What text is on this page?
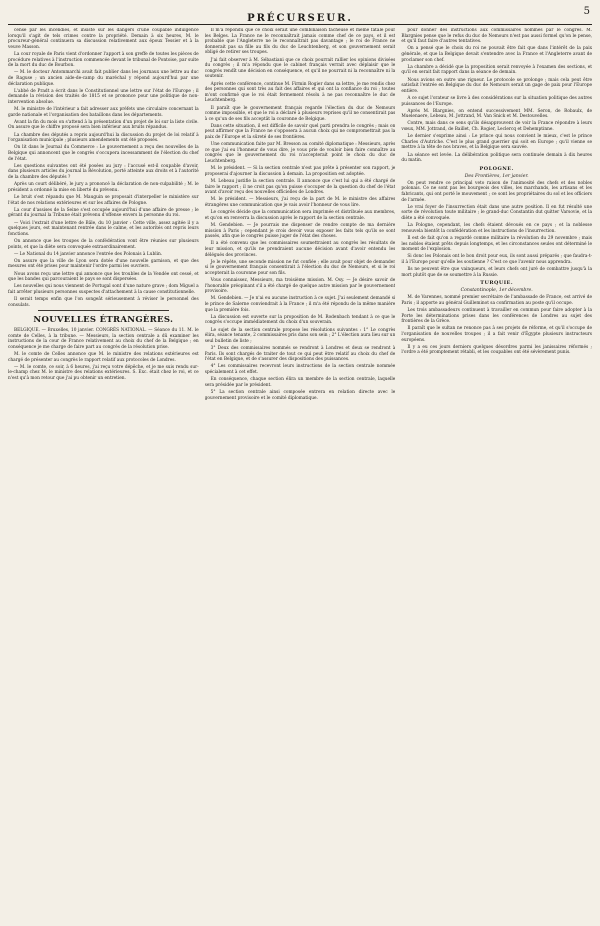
PRÉCURSEUR.
5

censé par les incendies, et insiste sur les dangers d'une coupable indulgence lorsqu'il s'agit de tels crimes contre la propriété. Demain à six heures, M. le procureur-général continuera sa discussion relativement aux époux Tessier et à la veuve Masson.

La cour royale de Paris vient d'ordonner l'apport à son greffe de toutes les pièces de procédure relatives à l'instruction commencée devant le tribunal de Pontoise, par suite de la mort du duc de Bourbon.

— M. le docteur Antommarchi avait fait publier dans les journaux une lettre au duc de Raguse ; un ancien aide-de-camp du maréchal y répond aujourd'hui par une déclaration publique.

L'abbé de Pradt a écrit dans le Constitutionnel une lettre sur l'état de l'Europe ; il demande la révision des traités de 1815 et se prononce pour une politique de non-intervention absolue.

M. le ministre de l'intérieur a fait adresser aux préfets une circulaire concernant la garde nationale et l'organisation des bataillons dans les départements.

Avant la fin du mois on s'attend à la présentation d'un projet de loi sur la liste civile. On assure que le chiffre proposé sera bien inférieur aux bruits répandus.

La chambre des députés a repris aujourd'hui la discussion du projet de loi relatif à l'organisation municipale ; plusieurs amendements ont été proposés.

On lit dans le Journal du Commerce : Le gouvernement a reçu des nouvelles de la Belgique qui annoncent que le congrès s'occupera incessamment de l'élection du chef de l'état.

Les questions suivantes ont été posées au jury : l'accusé est-il coupable d'avoir, dans plusieurs articles du journal la Révolution, porté atteinte aux droits et à l'autorité de la chambre des députés ?

Après un court délibéré, le jury a prononcé la déclaration de non-culpabilité ; M. le président a ordonné la mise en liberté du prévenu.

Le bruit s'est répandu que M. Mauguin se proposait d'interpeller le ministère sur l'état de nos relations extérieures et sur les affaires de Pologne.

La cour d'assises de la Seine s'est occupée aujourd'hui d'une affaire de presse ; le gérant du journal la Tribune était prévenu d'offense envers la personne du roi.

— Voici l'extrait d'une lettre de Bâle, du 10 janvier : Cette ville, assez agitée il y a quelques jours, est maintenant rentrée dans le calme, et les autorités ont repris leurs fonctions.

On annonce que les troupes de la confédération vont être réunies sur plusieurs points, et que la diète sera convoquée extraordinairement.

— Le National du 14 janvier annonce l'entrée des Polonais à Lublin.

On assure que la ville de Lyon sera dotée d'une nouvelle garnison, et que des mesures ont été prises pour maintenir l'ordre parmi les ouvriers.

Nous avons reçu une lettre qui annonce que les troubles de la Vendée ont cessé, et que les bandes qui parcouraient le pays se sont dispersées.

Les nouvelles qui nous viennent de Portugal sont d'une nature grave ; dom Miguel a fait arrêter plusieurs personnes suspectes d'attachement à la cause constitutionnelle.

Il serait temps enfin que l'on songeât sérieusement à réviser le personnel des consulats.

NOUVELLES ÉTRANGÈRES.

BELGIQUE. — Bruxelles, 10 janvier. CONGRÈS NATIONAL. — Séance du 11. M. le comte de Celles, à la tribune. — Messieurs, la section centrale a dû examiner les instructions de la cour de France relativement au choix du chef de la Belgique ; en conséquence je me charge de faire part au congrès de la résolution prise.

M. le comte de Celles annonce que M. le ministre des relations extérieures est chargé de présenter au congrès le rapport relatif aux protocoles de Londres.

— M. le comte, ce soir, à 6 heures, j'ai reçu votre dépêche, et je me suis rendu sur-le-champ chez M. le ministre des relations extérieures. S. Exc. était chez le roi, et ce n'est qu'à mon retour que j'ai pu obtenir un entretien.

Il m'a répondu que ce choix serait une combinaison fâcheuse et même fatale pour les Belges. La France ne le reconnaîtrait jamais comme chef de ce pays, et il est probable que l'Angleterre ne le reconnaîtrait pas davantage ; le roi de France ne donnerait pas sa fille au fils du duc de Leuchtenberg, et son gouvernement serait obligé de retirer ses troupes.

J'ai fait observer à M. Sébastiani que ce choix pourrait rallier les opinions divisées du congrès ; il m'a répondu que le cabinet français verrait avec déplaisir que le congrès rendît une décision en conséquence, et qu'il ne pourrait ni la reconnaître ni la soutenir.

Après cette conférence, continue M. Firmin Rogier dans sa lettre, je me rendis chez des personnes qui sont très au fait des affaires et qui ont la confiance du roi ; toutes m'ont confirmé que le roi était fermement résolu à ne pas reconnaître le duc de Leuchtenberg.

Il paraît que le gouvernement français regarde l'élection du duc de Nemours comme impossible, et que le roi a déclaré à plusieurs reprises qu'il ne consentirait pas à ce qu'un de ses fils acceptât la couronne de Belgique.

Dans cette situation, il est difficile de savoir quel parti prendra le congrès ; mais on peut affirmer que la France ne s'opposera à aucun choix qui ne compromettrait pas la paix de l'Europe et la sûreté de ses frontières.

Une communication faite par M. Bresson au comité diplomatique : Messieurs, après ce que j'ai eu l'honneur de vous dire, je vous prie de vouloir bien faire connaître au congrès que le gouvernement du roi n'accepterait point le choix du duc de Leuchtenberg.

M. le président. — Si la section centrale n'est pas prête à présenter son rapport, je proposerai d'ajourner la discussion à demain. La proposition est adoptée.

M. Lebeau justifie la section centrale. Il annonce que c'est lui qui a été chargé de faire le rapport ; il ne croit pas qu'on puisse s'occuper de la question du chef de l'état avant d'avoir reçu des nouvelles officielles de Londres.

M. le président. — Messieurs, j'ai reçu de la part de M. le ministre des affaires étrangères une communication que je vais avoir l'honneur de vous lire.

Le congrès décide que la communication sera imprimée et distribuée aux membres, et qu'on en renverra la discussion après le rapport de la section centrale.

M. Gendebien. — Je pourrais me dispenser de rendre compte de ma dernière mission à Paris ; cependant je crois devoir vous exposer les faits tels qu'ils se sont passés, afin que le congrès puisse juger de l'état des choses.

Il a été convenu que les commissaires soumettraient au congrès les résultats de leur mission, et qu'ils ne prendraient aucune décision avant d'avoir entendu les délégués des provinces.

Je le répète, une seconde mission ne fut confiée ; elle avait pour objet de demander si le gouvernement français consentirait à l'élection du duc de Nemours, et si le roi accepterait la couronne pour son fils.

Vous connaissez, Messieurs, ma troisième mission. M. Osy. — Je désire savoir de l'honorable préopinant s'il a été chargé de quelque autre mission par le gouvernement provisoire.

M. Gendebien. — Je n'ai eu aucune instruction à ce sujet. J'ai seulement demandé si le prince de Salerne conviendrait à la France ; il m'a été répondu de la même manière que la première fois.

La discussion est ouverte sur la proposition de M. Rodenbach tendant à ce que le congrès s'occupe immédiatement du choix d'un souverain.

Le sujet de la section centrale propose les résolutions suivantes : 1° Le congrès élira, séance tenante, 2 commissaires pris dans son sein ; 2° L'élection aura lieu sur un seul bulletin de liste ;

3° Deux des commissaires nommés se rendront à Londres et deux se rendront à Paris. Ils sont chargés de traiter de tout ce qui peut être relatif au choix du chef de l'état en Belgique, et de s'assurer des dispositions des puissances.

4° Les commissaires recevront leurs instructions de la section centrale nommée spécialement à cet effet.

En conséquence, chaque section élira un membre de la section centrale, laquelle sera présidée par le président.

5° La section centrale ainsi composée entrera en relation directe avec le gouvernement provisoire et le comité diplomatique.

pour donner des instructions aux commissaires nommés par le congrès. M. Blargnies pense que le refus du duc de Nemours n'est pas aussi formel qu'on le pense, et qu'il faut faire d'autres tentatives.

On a pensé que le choix du roi ne pouvait être fait que dans l'intérêt de la paix générale, et que la Belgique devait s'entendre avec la France et l'Angleterre avant de proclamer son chef.

La chambre a décidé que la proposition serait renvoyée à l'examen des sections, et qu'il en serait fait rapport dans la séance de demain.

Nous avions en outre une rigueur. Le protocole se prolonge ; mais cela peut être satisfait l'entrée en Belgique du duc de Nemours serait un gage de paix pour l'Europe entière.

A ce sujet l'orateur se livre à des considérations sur la situation politique des autres puissances de l'Europe.

Après M. Blargnies, on entend successivement MM. Seron, de Robaulx, de Muelenaere, Lebeau, M. Jottrand, M. Van Snick et M. Destouvelles.

Contre, mais dans ce sens qu'ils désapprouvent de voir la France répondre à leurs vœux, MM. Jottrand, de Baillet, Ch. Rogier, Leclercq et Dehemptinne.

Le dernier s'exprime ainsi : Le prince qui nous convient le mieux, c'est le prince Charles d'Autriche. C'est le plus grand guerrier qui soit en Europe ; qu'il vienne se mettre à la tête de nos braves, et la Belgique sera sauvée.

La séance est levée. La délibération politique sera continuée demain à dix heures du matin.

POLOGNE.
Des Frontières, 1er janvier.

On peut rendre ce principal veto raison de l'animosité des chefs et des nobles polonais. Ce ne sont pas les bourgeois des villes, les marchands, les artisans et les fabricants, qui ont porté le mouvement ; ce sont les propriétaires du sol et les officiers de l'armée.

Le vrai foyer de l'insurrection était dans une autre position. Il en fut résulté une sorte de révolution toute militaire ; le grand-duc Constantin dut quitter Varsovie, et la diète a été convoquée.

La Pologne, cependant, les chefs étaient dévoués en ce pays ; et la noblesse renouvela bientôt la confédération et les instructions de l'insurrection.

Il est de fait qu'on a regardé comme militaire la révolution du 29 novembre ; mais les nobles étaient prêts depuis longtemps, et les circonstances seules ont déterminé le moment de l'explosion.

Si donc les Polonais ont le bon droit pour eux, ils sont aussi préparés ; que faudra-t-il à l'Europe pour qu'elle les soutienne ? C'est ce que l'avenir nous apprendra.

Ils ne peuvent être que vainqueurs, et leurs chefs ont juré de combattre jusqu'à la mort plutôt que de se soumettre à la Russie.

TURQUIE.
Constantinople, 1er décembre.

M. de Varennes, nommé premier secrétaire de l'ambassade de France, est arrivé de Paris ; il apporte au général Guilleminot sa confirmation au poste qu'il occupe.

Les trois ambassadeurs continuent à travailler en commun pour faire adopter à la Porte les déterminations prises dans les conférences de Londres au sujet des frontières de la Grèce.

Il paraît que le sultan ne renonce pas à ses projets de réforme, et qu'il s'occupe de l'organisation de nouvelles troupes ; il a fait venir d'Égypte plusieurs instructeurs européens.

Il y a eu ces jours derniers quelques désordres parmi les janissaires réformés ; l'ordre a été promptement rétabli, et les coupables ont été sévèrement punis.
